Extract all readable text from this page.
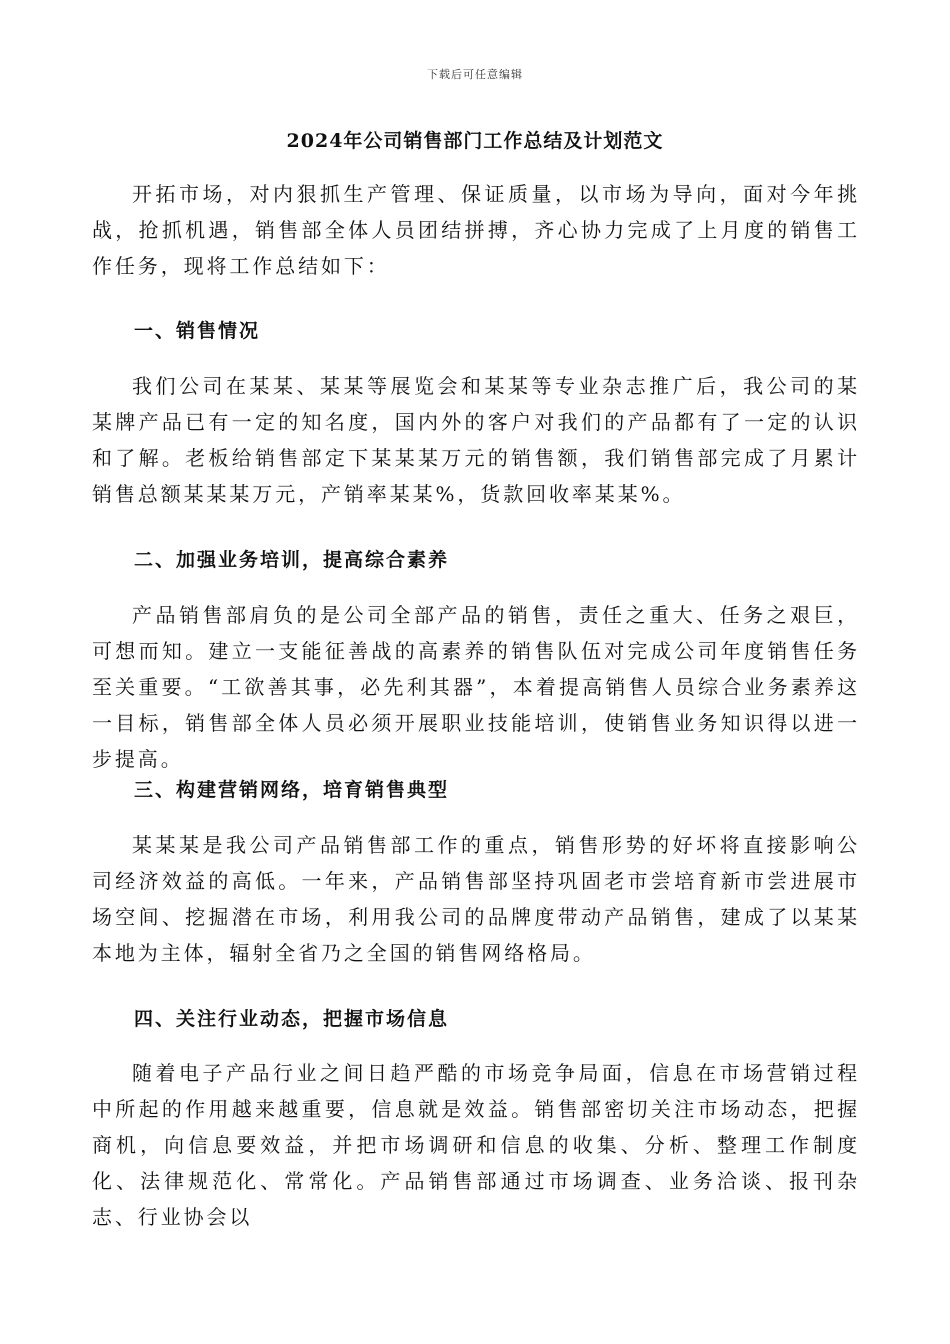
下载后可任意编辑
2024年公司销售部门工作总结及计划范文

开拓市场，对内狠抓生产管理、保证质量，以市场为导向，面对今年挑战，抢抓机遇，销售部全体人员团结拼搏，齐心协力完成了上月度的销售工作任务，现将工作总结如下：

一、销售情况

我们公司在某某、某某等展览会和某某等专业杂志推广后，我公司的某某牌产品已有一定的知名度，国内外的客户对我们的产品都有了一定的认识和了解。老板给销售部定下某某某万元的销售额，我们销售部完成了月累计销售总额某某某万元，产销率某某%，货款回收率某某%。

二、加强业务培训，提高综合素养

产品销售部肩负的是公司全部产品的销售，责任之重大、任务之艰巨，可想而知。建立一支能征善战的高素养的销售队伍对完成公司年度销售任务至关重要。“工欲善其事，必先利其器”，本着提高销售人员综合业务素养这一目标，销售部全体人员必须开展职业技能培训，使销售业务知识得以进一步提高。

三、构建营销网络，培育销售典型

某某某是我公司产品销售部工作的重点，销售形势的好坏将直接影响公司经济效益的高低。一年来，产品销售部坚持巩固老市尝培育新市尝进展市场空间、挖掘潜在市场，利用我公司的品牌度带动产品销售，建成了以某某本地为主体，辐射全省乃之全国的销售网络格局。

四、关注行业动态，把握市场信息

随着电子产品行业之间日趋严酷的市场竞争局面，信息在市场营销过程中所起的作用越来越重要，信息就是效益。销售部密切关注市场动态，把握商机，向信息要效益，并把市场调研和信息的收集、分析、整理工作制度化、法律规范化、常常化。产品销售部通过市场调查、业务洽谈、报刊杂志、行业协会以
